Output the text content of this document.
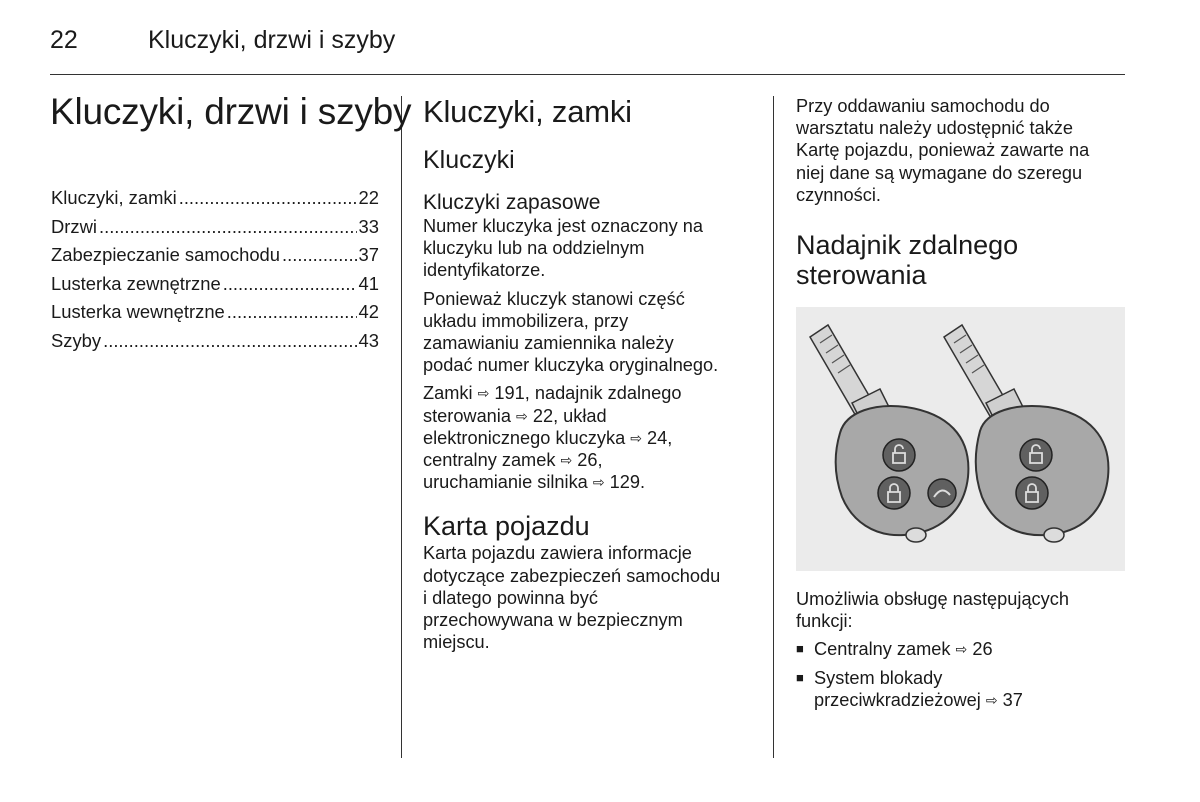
22	Kluczyki, drzwi i szyby
Kluczyki, drzwi i szyby
Kluczyki, zamki .....	22
Drzwi .....	33
Zabezpieczanie samochodu .....	37
Lusterka zewnętrzne .....	41
Lusterka wewnętrzne .....	42
Szyby .....	43
Kluczyki, zamki
Kluczyki
Kluczyki zapasowe
Numer kluczyka jest oznaczony na
kluczyku lub na oddzielnym
identyfikatorze.
Ponieważ kluczyk stanowi część
układu immobilizera, przy
zamawianiu zamiennika należy
podać numer kluczyka oryginalnego.
Zamki ⇨ 191, nadajnik zdalnego
sterowania ⇨ 22, układ
elektronicznego kluczyka ⇨ 24,
centralny zamek ⇨ 26,
uruchamianie silnika ⇨ 129.
Karta pojazdu
Karta pojazdu zawiera informacje
dotyczące zabezpieczeń samochodu
i dlatego powinna być
przechowywana w bezpiecznym
miejscu.
Przy oddawaniu samochodu do
warsztatu należy udostępnić także
Kartę pojazdu, ponieważ zawarte na
niej dane są wymagane do szeregu
czynności.
Nadajnik zdalnego
sterowania
Umożliwia obsługę następujących
funkcji:
■ Centralny zamek ⇨ 26
■ System blokady
przeciwkradzieżowej ⇨ 37
